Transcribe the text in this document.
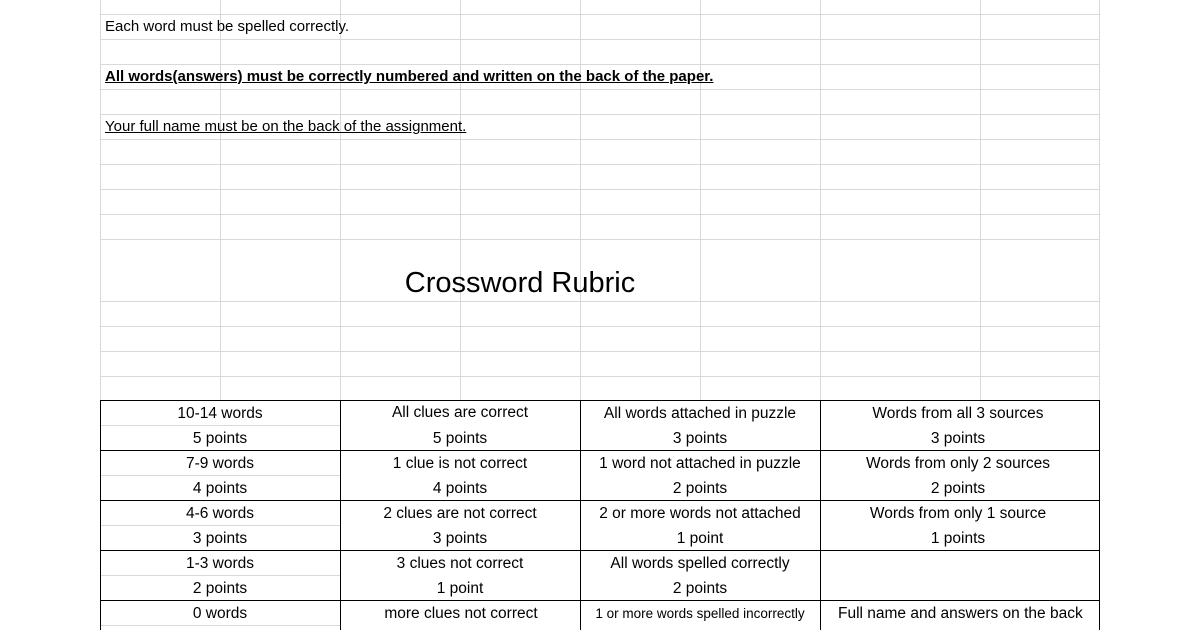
Each word must be spelled correctly.
All words(answers) must be correctly numbered and written on the back of the paper.
Your full name must be on the back of the assignment.
Crossword Rubric
10-14 words
5 points
7-9 words
4 points
4-6 words
3 points
1-3 words
2 points
0 words
All clues are correct
5 points
1 clue is not correct
4 points
2 clues are not correct
3 points
3 clues not correct
1 point
more clues not correct
All words attached in puzzle
3 points
1 word not attached in puzzle
2 points
2 or more words not attached
1 point
All words spelled correctly
2 points
1 or more words spelled incorrectly
Words from all 3 sources
3 points
Words from only 2 sources
2 points
Words from only 1 source
1 points
Full name and answers on the back
